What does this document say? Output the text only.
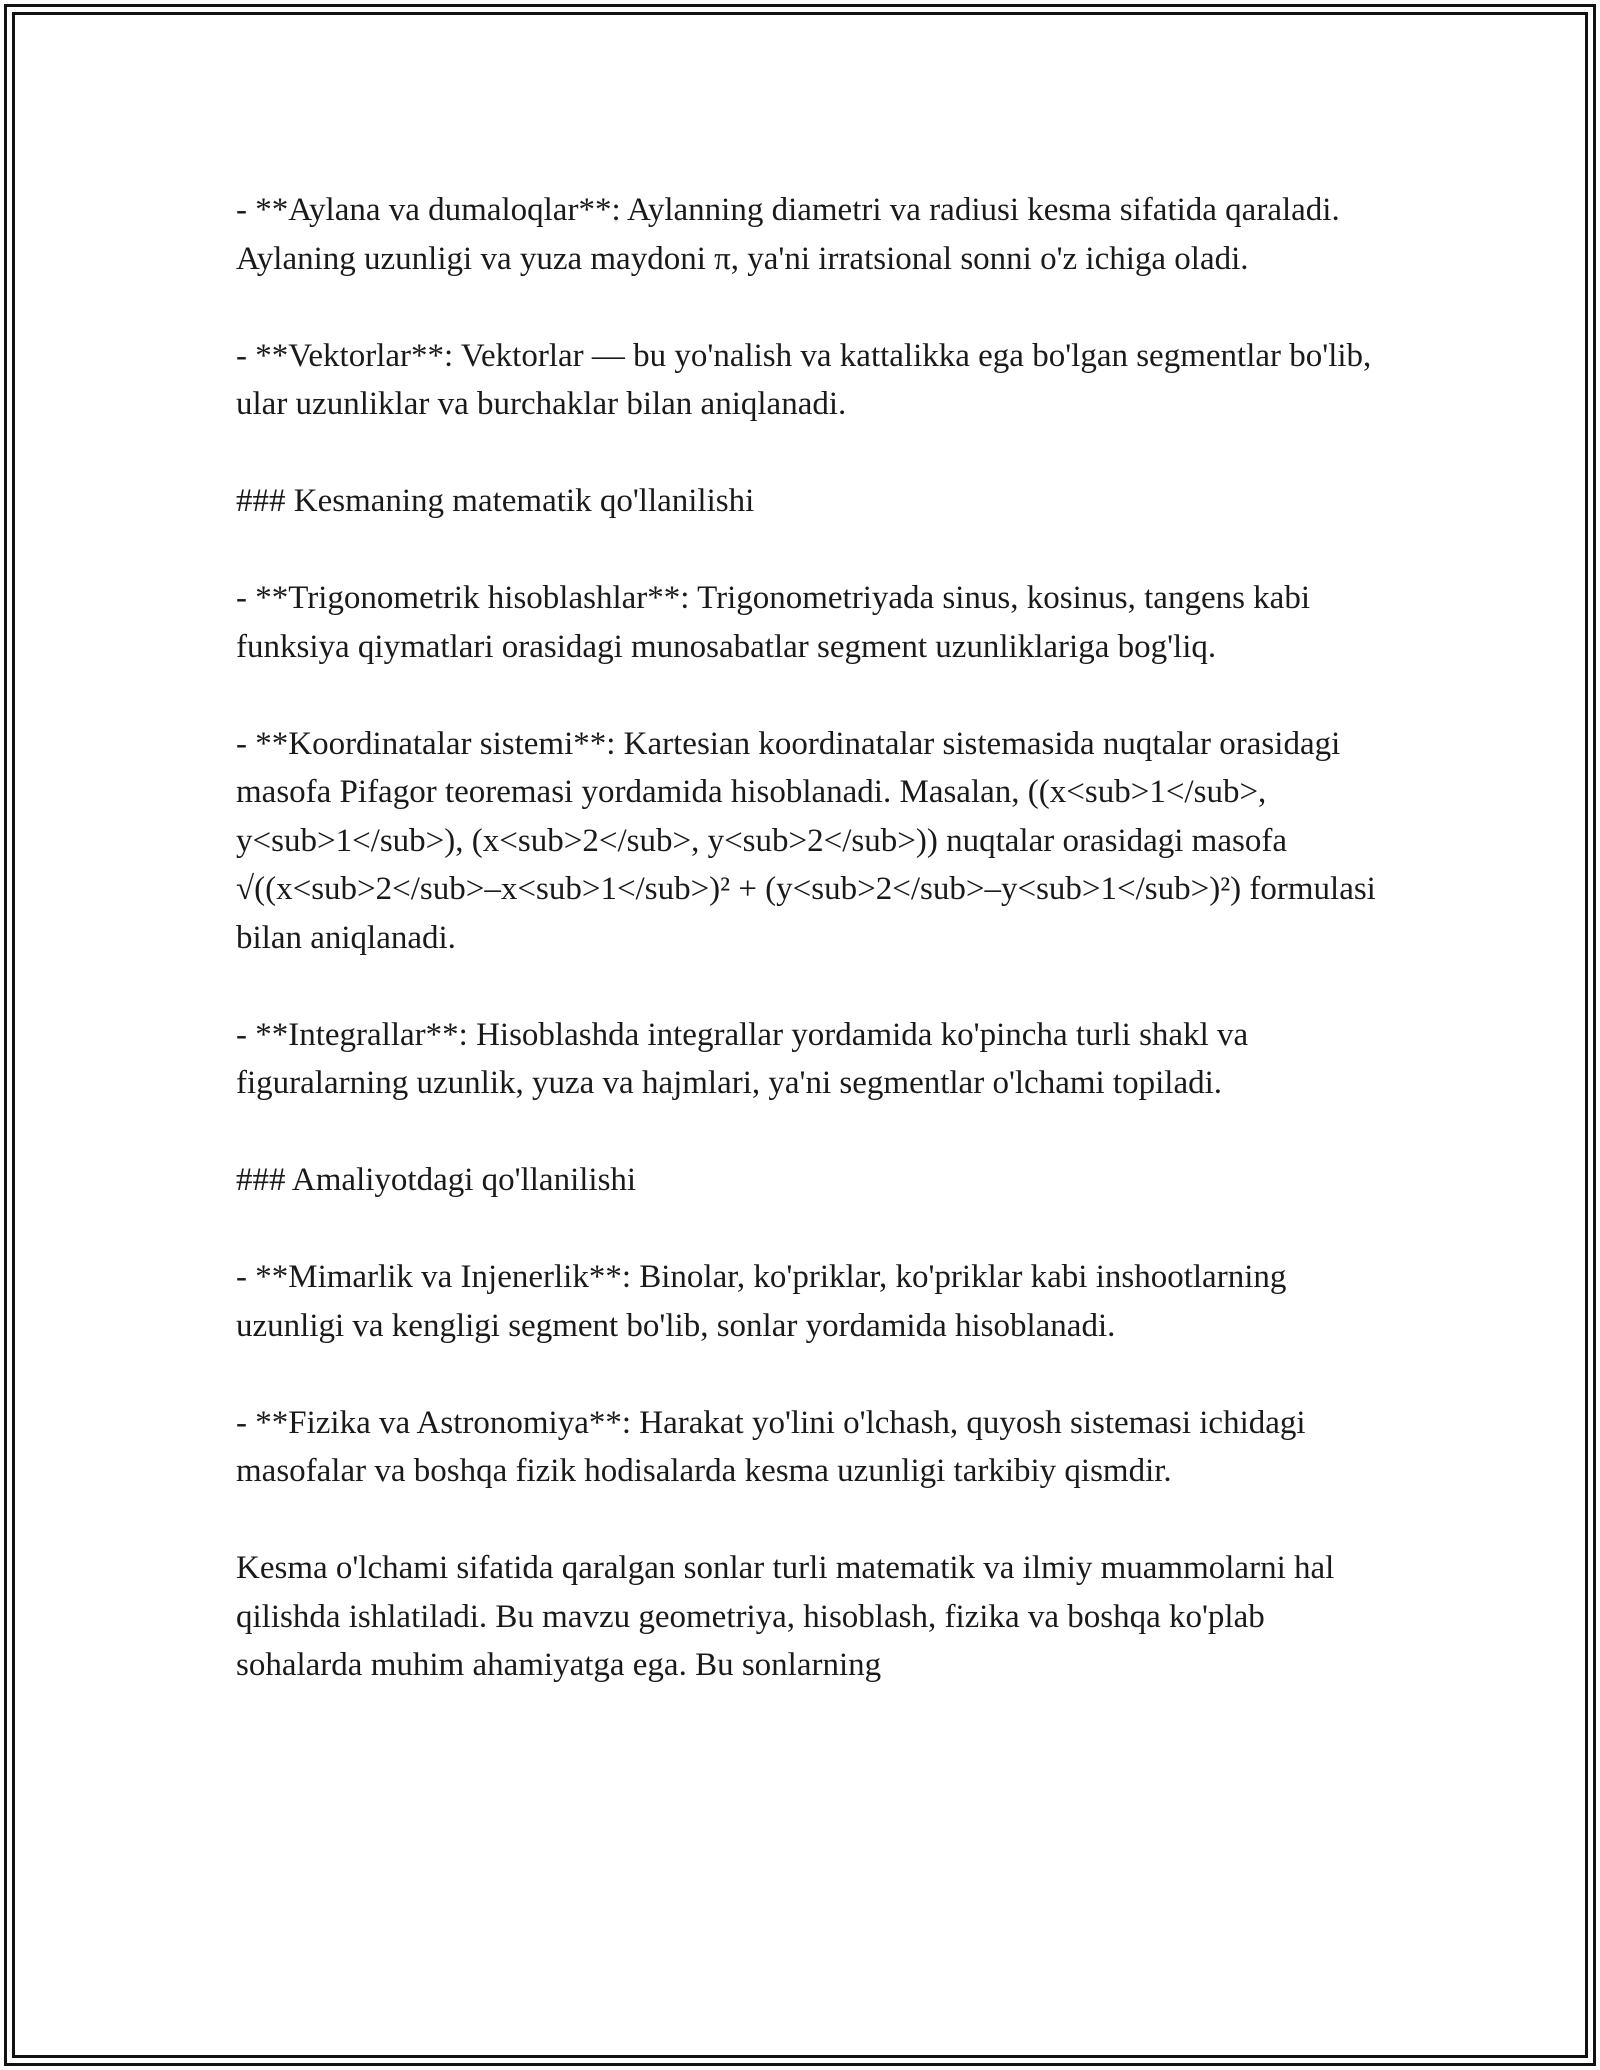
- **Aylana va dumaloqlar**: Aylanning diametri va radiusi kesma sifatida qaraladi. Aylaning uzunligi va yuza maydoni π, ya'ni irratsional sonni o'z ichiga oladi.

- **Vektorlar**: Vektorlar — bu yo'nalish va kattalikka ega bo'lgan segmentlar bo'lib, ular uzunliklar va burchaklar bilan aniqlanadi.

### Kesmaning matematik qo'llanilishi

- **Trigonometrik hisoblashlar**: Trigonometriyada sinus, kosinus, tangens kabi funksiya qiymatlari orasidagi munosabatlar segment uzunliklariga bog'liq.

- **Koordinatalar sistemi**: Kartesian koordinatalar sistemasida nuqtalar orasidagi masofa Pifagor teoremasi yordamida hisoblanadi. Masalan, ((x<sub>1</sub>, y<sub>1</sub>), (x<sub>2</sub>, y<sub>2</sub>)) nuqtalar orasidagi masofa √((x<sub>2</sub>–x<sub>1</sub>)² + (y<sub>2</sub>–y<sub>1</sub>)²) formulasi bilan aniqlanadi.

- **Integrallar**: Hisoblashda integrallar yordamida ko'pincha turli shakl va figuralarning uzunlik, yuza va hajmlari, ya'ni segmentlar o'lchami topiladi.

### Amaliyotdagi qo'llanilishi

- **Mimarlik va Injenerlik**: Binolar, ko'priklar, ko'priklar kabi inshootlarning uzunligi va kengligi segment bo'lib, sonlar yordamida hisoblanadi.

- **Fizika va Astronomiya**: Harakat yo'lini o'lchash, quyosh sistemasi ichidagi masofalar va boshqa fizik hodisalarda kesma uzunligi tarkibiy qismdir.

Kesma o'lchami sifatida qaralgan sonlar turli matematik va ilmiy muammolarni hal qilishda ishlatiladi. Bu mavzu geometriya, hisoblash, fizika va boshqa ko'plab sohalarda muhim ahamiyatga ega. Bu sonlarning
